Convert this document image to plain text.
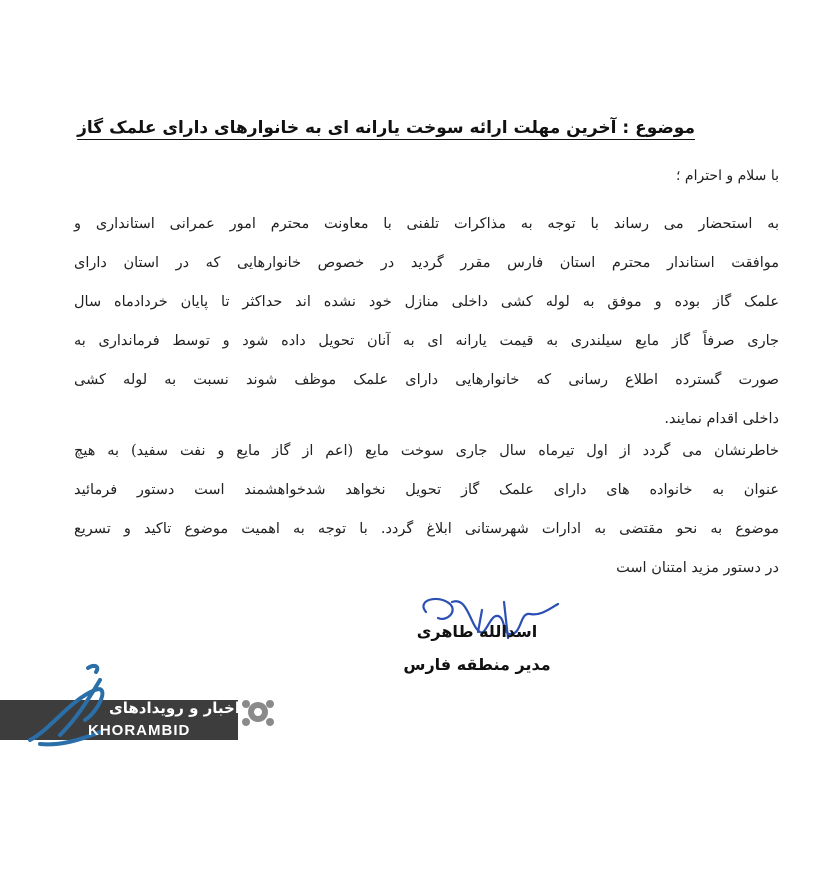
موضوع : آخرین مهلت ارائه سوخت یارانه ای به خانوارهای دارای علمک گاز
با سلام و احترام ؛
به استحضار می رساند با توجه به مذاکرات تلفنی با معاونت محترم امور عمرانی استانداری و
موافقت استاندار محترم استان فارس مقرر گردید در خصوص خانوارهایی که در استان دارای
علمک گاز بوده و موفق به لوله کشی داخلی منازل خود نشده اند حداکثر تا پایان خردادماه سال
جاری صرفاً گاز مایع سیلندری به قیمت یارانه ای به آنان تحویل داده شود و توسط فرمانداری به
صورت گسترده اطلاع رسانی که خانوارهایی دارای علمک موظف شوند نسبت به لوله کشی
داخلی اقدام نمایند.
خاطرنشان می گردد از اول تیرماه سال جاری سوخت مایع (اعم از گاز مایع و نفت سفید) به هیچ
عنوان به خانواده های دارای علمک گاز تحویل نخواهد شدخواهشمند است دستور فرمائید
موضوع به نحو مقتضی به ادارات شهرستانی ابلاغ گردد. با توجه به اهمیت موضوع تاکید و تسریع
در دستور مزید امتنان است
اسدالله طاهری
مدیر منطقه فارس
اخبار و رویدادهای
KHORAMBID
